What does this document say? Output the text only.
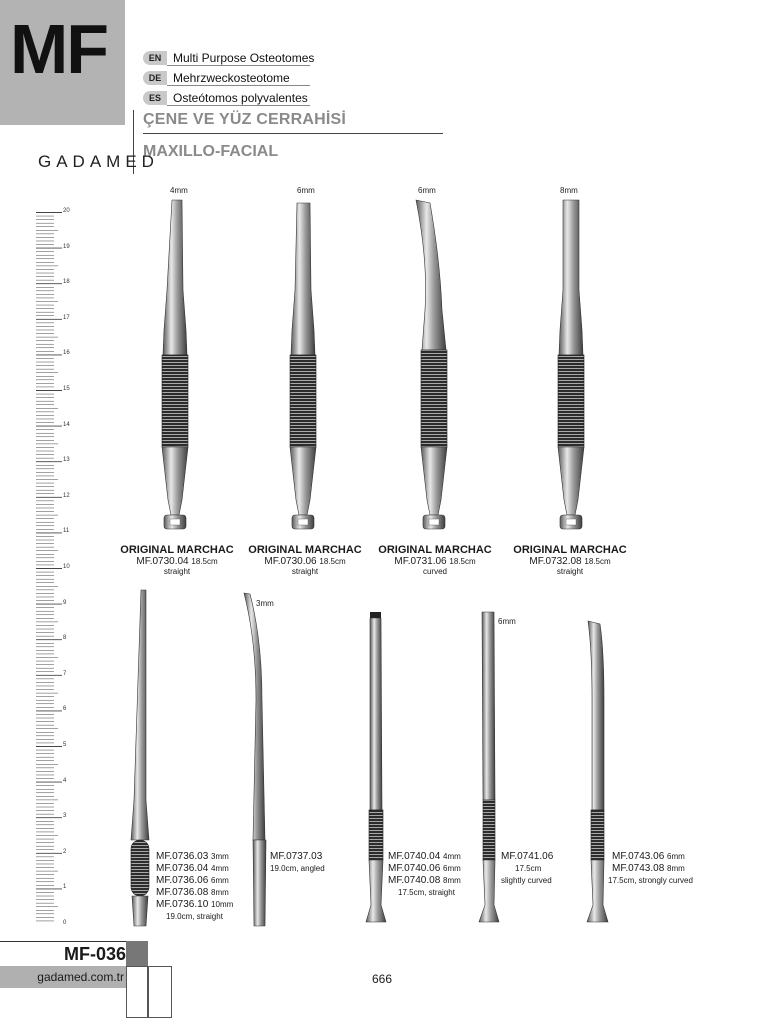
MF	EN Multi Purpose Osteotomes
DE Mehrzweckosteotome
ES	Osteótomos polyvalentes
ÇENE VE YÜZ CERRAHİSİ
MAXILLO-FACIAL
GADAMED
20
19
18
17
16
15
14
13
12
11
10
9
8
7
6
5
4
3
2
1
0
4mm	6mm	6mm	8mm
ORIGINAL MARCHAC
MF.0730.04 18.5cm
straight
ORIGINAL MARCHAC
MF.0730.06 18.5cm
straight
ORIGINAL MARCHAC
MF.0731.06 18.5cm
curved
ORIGINAL MARCHAC
MF.0732.08 18.5cm
straight
MF.0736.03 3mm
MF.0736.04 4mm
MF.0736.06 6mm
MF.0736.08 8mm
MF.0736.10 10mm
19.0cm, straight
3mm
MF.0737.03
19.0cm, angled
MF.0740.04 4mm
MF.0740.06 6mm
MF.0740.08 8mm
17.5cm, straight
6mm
MF.0741.06
17.5cm
slightly curved
MF.0743.06 6mm
MF.0743.08 8mm
17.5cm, strongly curved
MF-036
gadamed.com.tr	666
